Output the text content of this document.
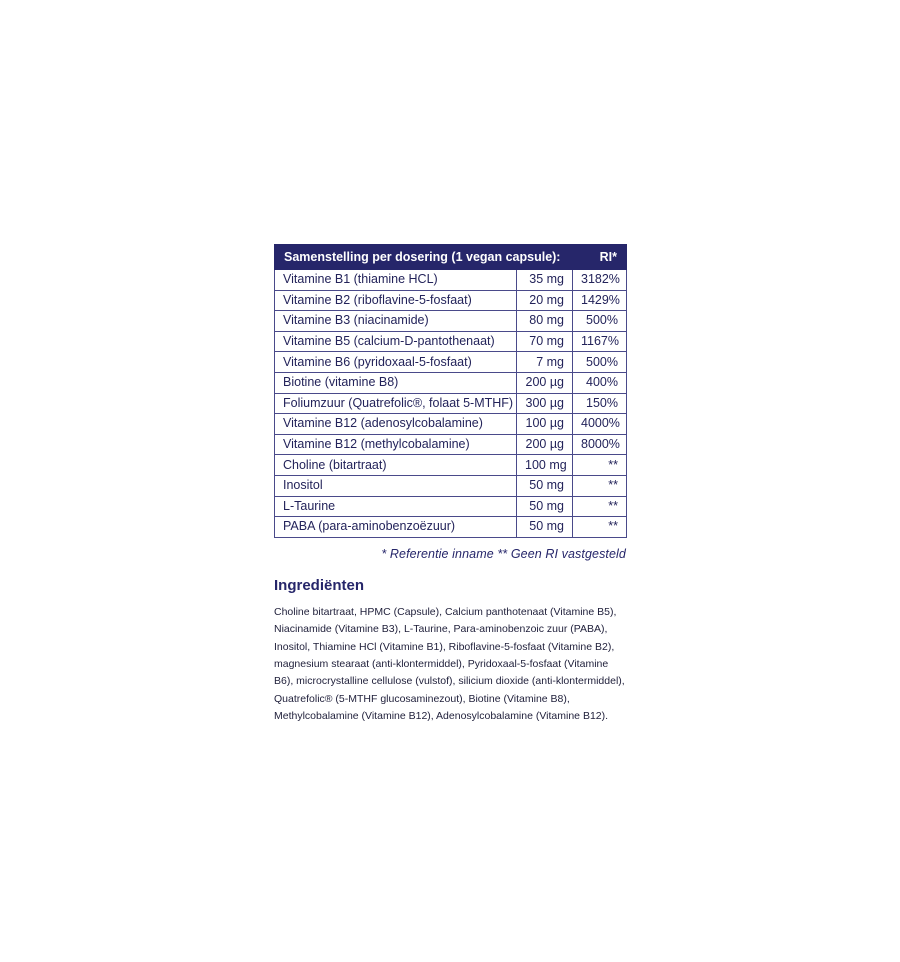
Samenstelling per dosering (1 vegan capsule):		RI*
Vitamine B1 (thiamine HCL)	35 mg	3182%
Vitamine B2 (riboflavine-5-fosfaat)	20 mg	1429%
Vitamine B3 (niacinamide)	80 mg	500%
Vitamine B5 (calcium-D-pantothenaat)	70 mg	1167%
Vitamine B6 (pyridoxaal-5-fosfaat)	7 mg	500%
Biotine (vitamine B8)	200 µg	400%
Foliumzuur (Quatrefolic®, folaat 5-MTHF)	300 µg	150%
Vitamine B12 (adenosylcobalamine)	100 µg	4000%
Vitamine B12 (methylcobalamine)	200 µg	8000%
Choline (bitartraat)	100 mg	**
Inositol	50 mg	**
L-Taurine	50 mg	**
PABA (para-aminobenzoëzuur)	50 mg	**
* Referentie inname ** Geen RI vastgesteld
Ingrediënten
Choline bitartraat, HPMC (Capsule), Calcium panthotenaat (Vitamine B5), Niacinamide (Vitamine B3), L-Taurine, Para-aminobenzoic zuur (PABA), Inositol, Thiamine HCl (Vitamine B1), Riboflavine-5-fosfaat (Vitamine B2), magnesium stearaat (anti-klontermiddel), Pyridoxaal-5-fosfaat (Vitamine B6), microcrystalline cellulose (vulstof), silicium dioxide (anti-klontermiddel), Quatrefolic® (5-MTHF glucosaminezout), Biotine (Vitamine B8), Methylcobalamine (Vitamine B12), Adenosylcobalamine (Vitamine B12).
